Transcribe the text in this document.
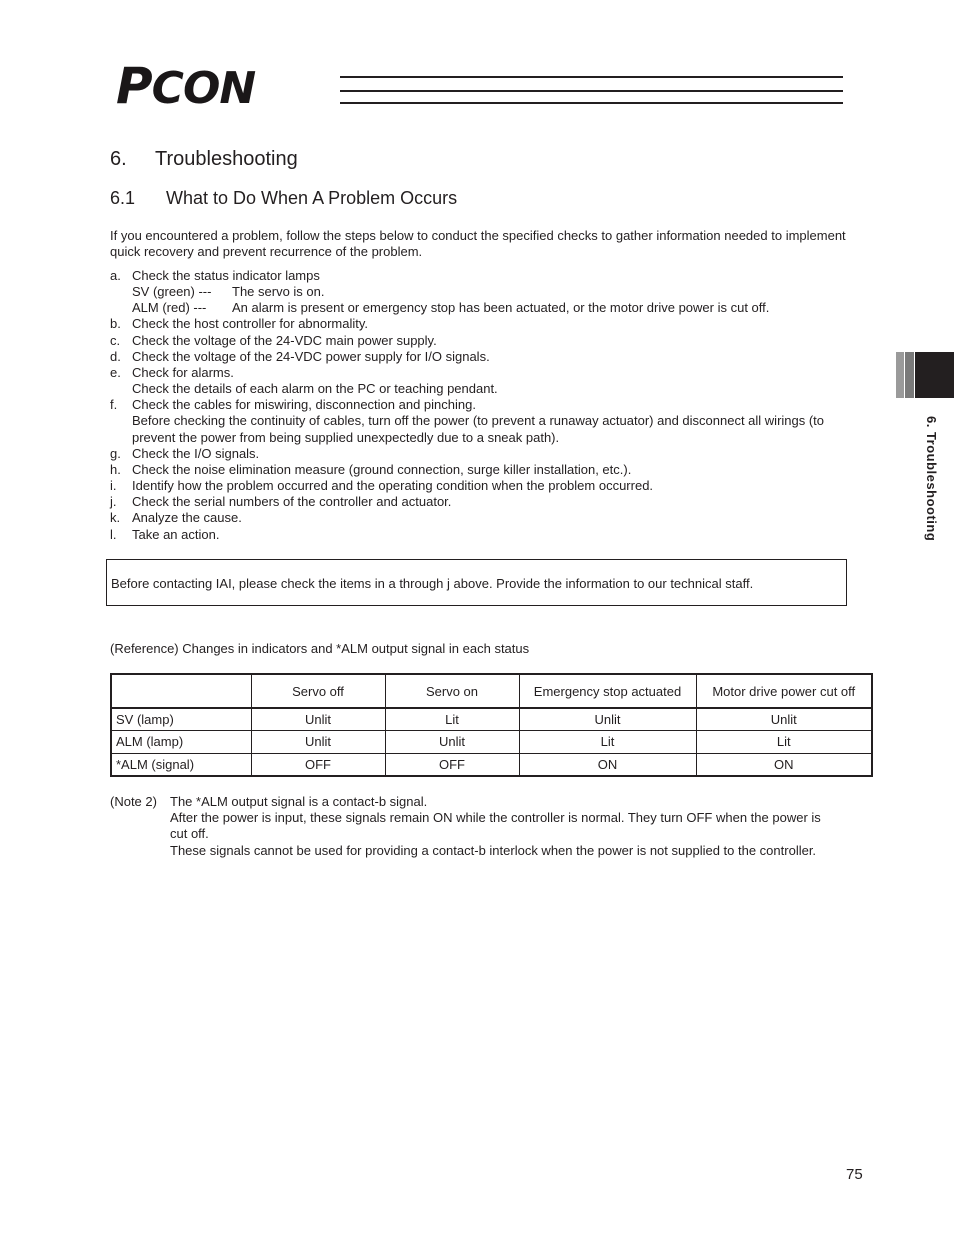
PCON
6. Troubleshooting
6. Troubleshooting
6.1 What to Do When A Problem Occurs

If you encountered a problem, follow the steps below to conduct the specified checks to gather information needed to implement quick recovery and prevent recurrence of the problem.

a. Check the status indicator lamps
SV (green) ---	The servo is on.
ALM (red) ---	An alarm is present or emergency stop has been actuated, or the motor drive power is cut off.
b. Check the host controller for abnormality.
c. Check the voltage of the 24-VDC main power supply.
d. Check the voltage of the 24-VDC power supply for I/O signals.
e. Check for alarms.
Check the details of each alarm on the PC or teaching pendant.
f. Check the cables for miswiring, disconnection and pinching.
Before checking the continuity of cables, turn off the power (to prevent a runaway actuator) and disconnect all wirings (to prevent the power from being supplied unexpectedly due to a sneak path).
g. Check the I/O signals.
h. Check the noise elimination measure (ground connection, surge killer installation, etc.).
i. Identify how the problem occurred and the operating condition when the problem occurred.
j. Check the serial numbers of the controller and actuator.
k. Analyze the cause.
l. Take an action.
Before contacting IAI, please check the items in a through j above. Provide the information to our technical staff.
(Reference) Changes in indicators and *ALM output signal in each status
	Servo off	Servo on	Emergency stop actuated	Motor drive power cut off
SV (lamp)	Unlit	Lit	Unlit	Unlit
ALM (lamp)	Unlit	Unlit	Lit	Lit
*ALM (signal)	OFF	OFF	ON	ON
(Note 2) The *ALM output signal is a contact-b signal.
After the power is input, these signals remain ON while the controller is normal. They turn OFF when the power is cut off.
These signals cannot be used for providing a contact-b interlock when the power is not supplied to the controller.
75
